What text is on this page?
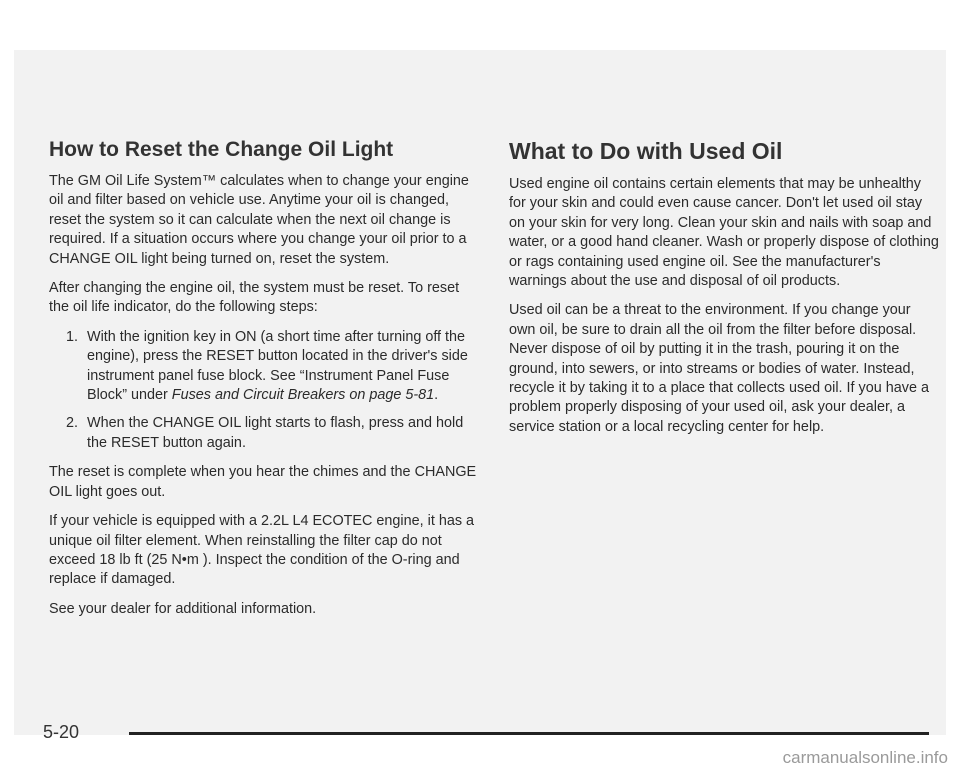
How to Reset the Change Oil Light

The GM Oil Life System™ calculates when to change your engine oil and filter based on vehicle use. Anytime your oil is changed, reset the system so it can calculate when the next oil change is required. If a situation occurs where you change your oil prior to a CHANGE OIL light being turned on, reset the system.

After changing the engine oil, the system must be reset. To reset the oil life indicator, do the following steps:

1. With the ignition key in ON (a short time after turning off the engine), press the RESET button located in the driver's side instrument panel fuse block. See “Instrument Panel Fuse Block” under Fuses and Circuit Breakers on page 5-81.
2. When the CHANGE OIL light starts to flash, press and hold the RESET button again.

The reset is complete when you hear the chimes and the CHANGE OIL light goes out.

If your vehicle is equipped with a 2.2L L4 ECOTEC engine, it has a unique oil filter element. When reinstalling the filter cap do not exceed 18 lb ft (25 N•m ). Inspect the condition of the O-ring and replace if damaged.

See your dealer for additional information.

What to Do with Used Oil

Used engine oil contains certain elements that may be unhealthy for your skin and could even cause cancer. Don't let used oil stay on your skin for very long. Clean your skin and nails with soap and water, or a good hand cleaner. Wash or properly dispose of clothing or rags containing used engine oil. See the manufacturer's warnings about the use and disposal of oil products.

Used oil can be a threat to the environment. If you change your own oil, be sure to drain all the oil from the filter before disposal. Never dispose of oil by putting it in the trash, pouring it on the ground, into sewers, or into streams or bodies of water. Instead, recycle it by taking it to a place that collects used oil. If you have a problem properly disposing of your used oil, ask your dealer, a service station or a local recycling center for help.

5-20
carmanualsonline.info
